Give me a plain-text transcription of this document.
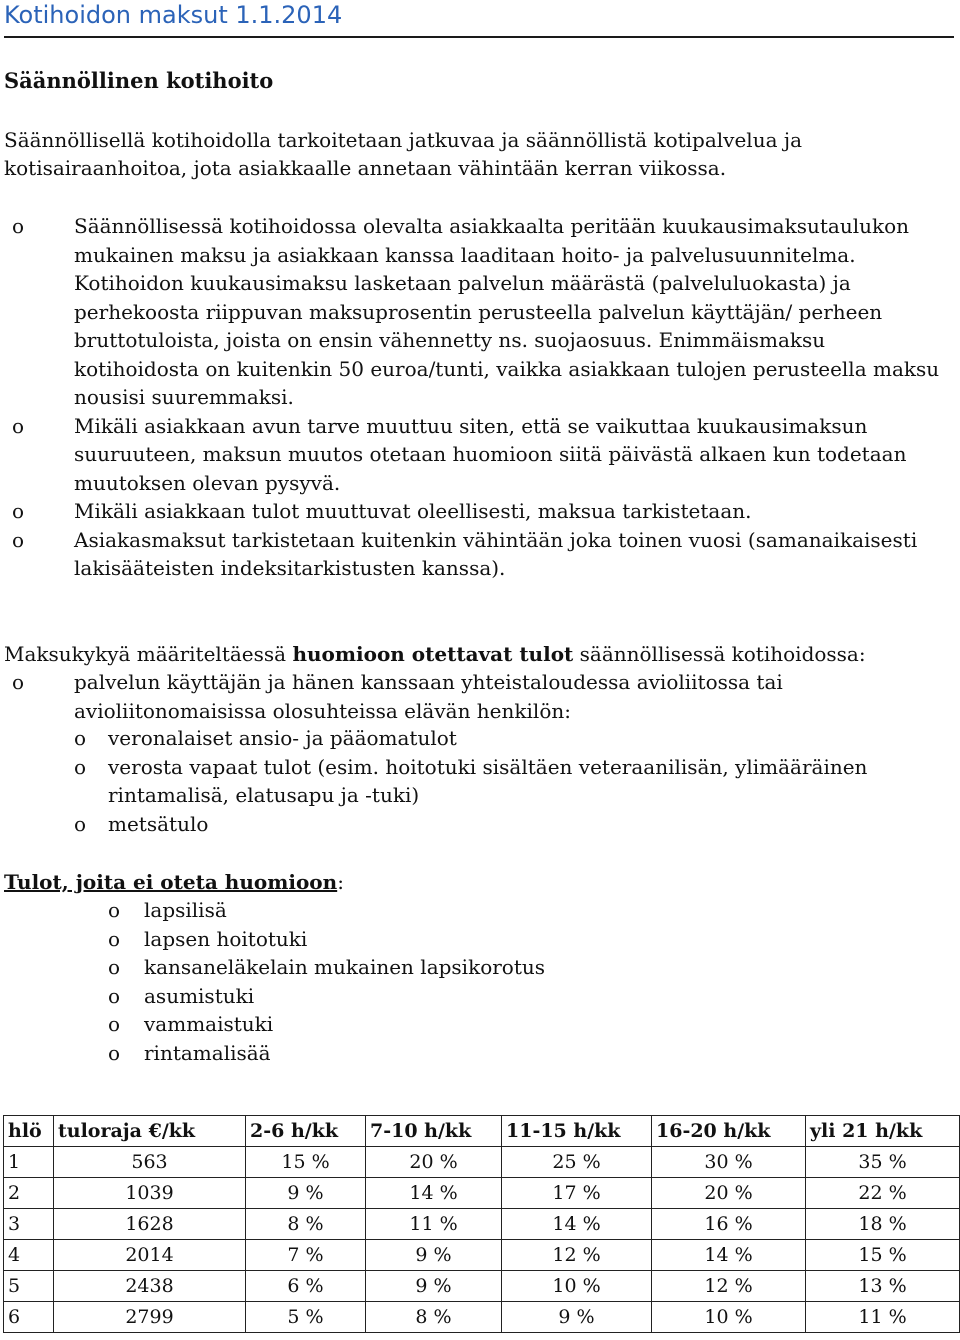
Kotihoidon maksut 1.1.2014
Säännöllinen kotihoito
Säännöllisellä kotihoidolla tarkoitetaan jatkuvaa ja säännöllistä kotipalvelua ja kotisairaanhoitoa, jota asiakkaalle annetaan vähintään kerran viikossa.
o Säännöllisessä kotihoidossa olevalta asiakkaalta peritään kuukausimaksutaulukon mukainen maksu ja asiakkaan kanssa laaditaan hoito- ja palvelusuunnitelma. Kotihoidon kuukausimaksu lasketaan palvelun määrästä (palveluluokasta) ja perhekoosta riippuvan maksuprosentin perusteella palvelun käyttäjän/ perheen bruttotuloista, joista on ensin vähennetty ns. suojaosuus. Enimmäismaksu kotihoidosta on kuitenkin 50 euroa/tunti, vaikka asiakkaan tulojen perusteella maksu nousisi suuremmaksi.
o Mikäli asiakkaan avun tarve muuttuu siten, että se vaikuttaa kuukausimaksun suuruuteen, maksun muutos otetaan huomioon siitä päivästä alkaen kun todetaan muutoksen olevan pysyvä.
o Mikäli asiakkaan tulot muuttuvat oleellisesti, maksua tarkistetaan.
o Asiakasmaksut tarkistetaan kuitenkin vähintään joka toinen vuosi (samanaikaisesti lakisääteisten indeksitarkistusten kanssa).
Maksukykyä määriteltäessä huomioon otettavat tulot säännöllisessä kotihoidossa:
o palvelun käyttäjän ja hänen kanssaan yhteistaloudessa avioliitossa tai avioliitonomaisissa olosuhteissa elävän henkilön:
o veronalaiset ansio- ja pääomatulot
o verosta vapaat tulot (esim. hoitotuki sisältäen veteraanilisän, ylimääräinen rintamalisä, elatusapu ja -tuki)
o metsätulo
Tulot, joita ei oteta huomioon:
o lapsilisä
o lapsen hoitotuki
o kansaneläkelain mukainen lapsikorotus
o asumistuki
o vammaistuki
o rintamalisää
hlö	tuloraja €/kk	2-6 h/kk	7-10 h/kk	11-15 h/kk	16-20 h/kk	yli 21 h/kk
1	563	15 %	20 %	25 %	30 %	35 %
2	1039	9 %	14 %	17 %	20 %	22 %
3	1628	8 %	11 %	14 %	16 %	18 %
4	2014	7 %	9 %	12 %	14 %	15 %
5	2438	6 %	9 %	10 %	12 %	13 %
6	2799	5 %	8 %	9 %	10 %	11 %
